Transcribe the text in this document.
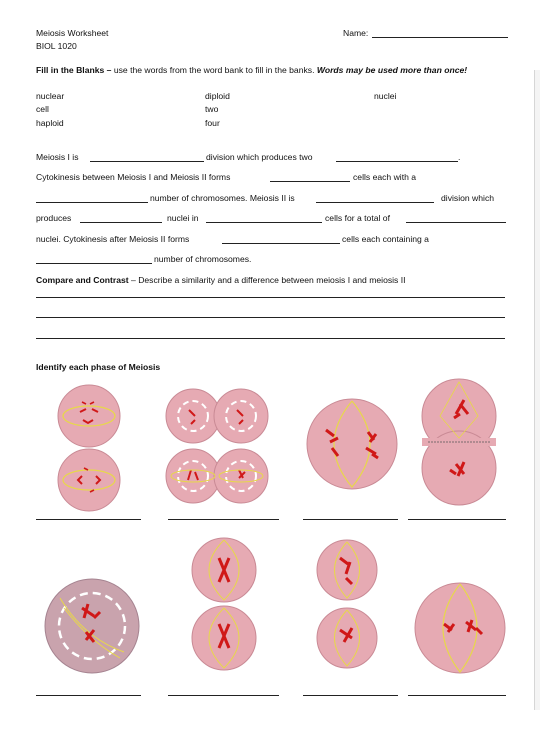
Meiosis Worksheet
BIOL 1020
Name:
Fill in the Blanks – use the words from the word bank to fill in the banks. Words may be used more than once!
nuclear
cell
haploid
diploid
two
four
nuclei
Meiosis I is	division which produces two	.
Cytokinesis between Meiosis I and Meiosis II forms	cells each with a
number of chromosomes. Meiosis II is	division which
produces	nuclei in	cells for a total of
nuclei. Cytokinesis after Meiosis II forms	cells each containing a
number of chromosomes.
Compare and Contrast – Describe a similarity and a difference between meiosis I and meiosis II
Identify each phase of Meiosis
